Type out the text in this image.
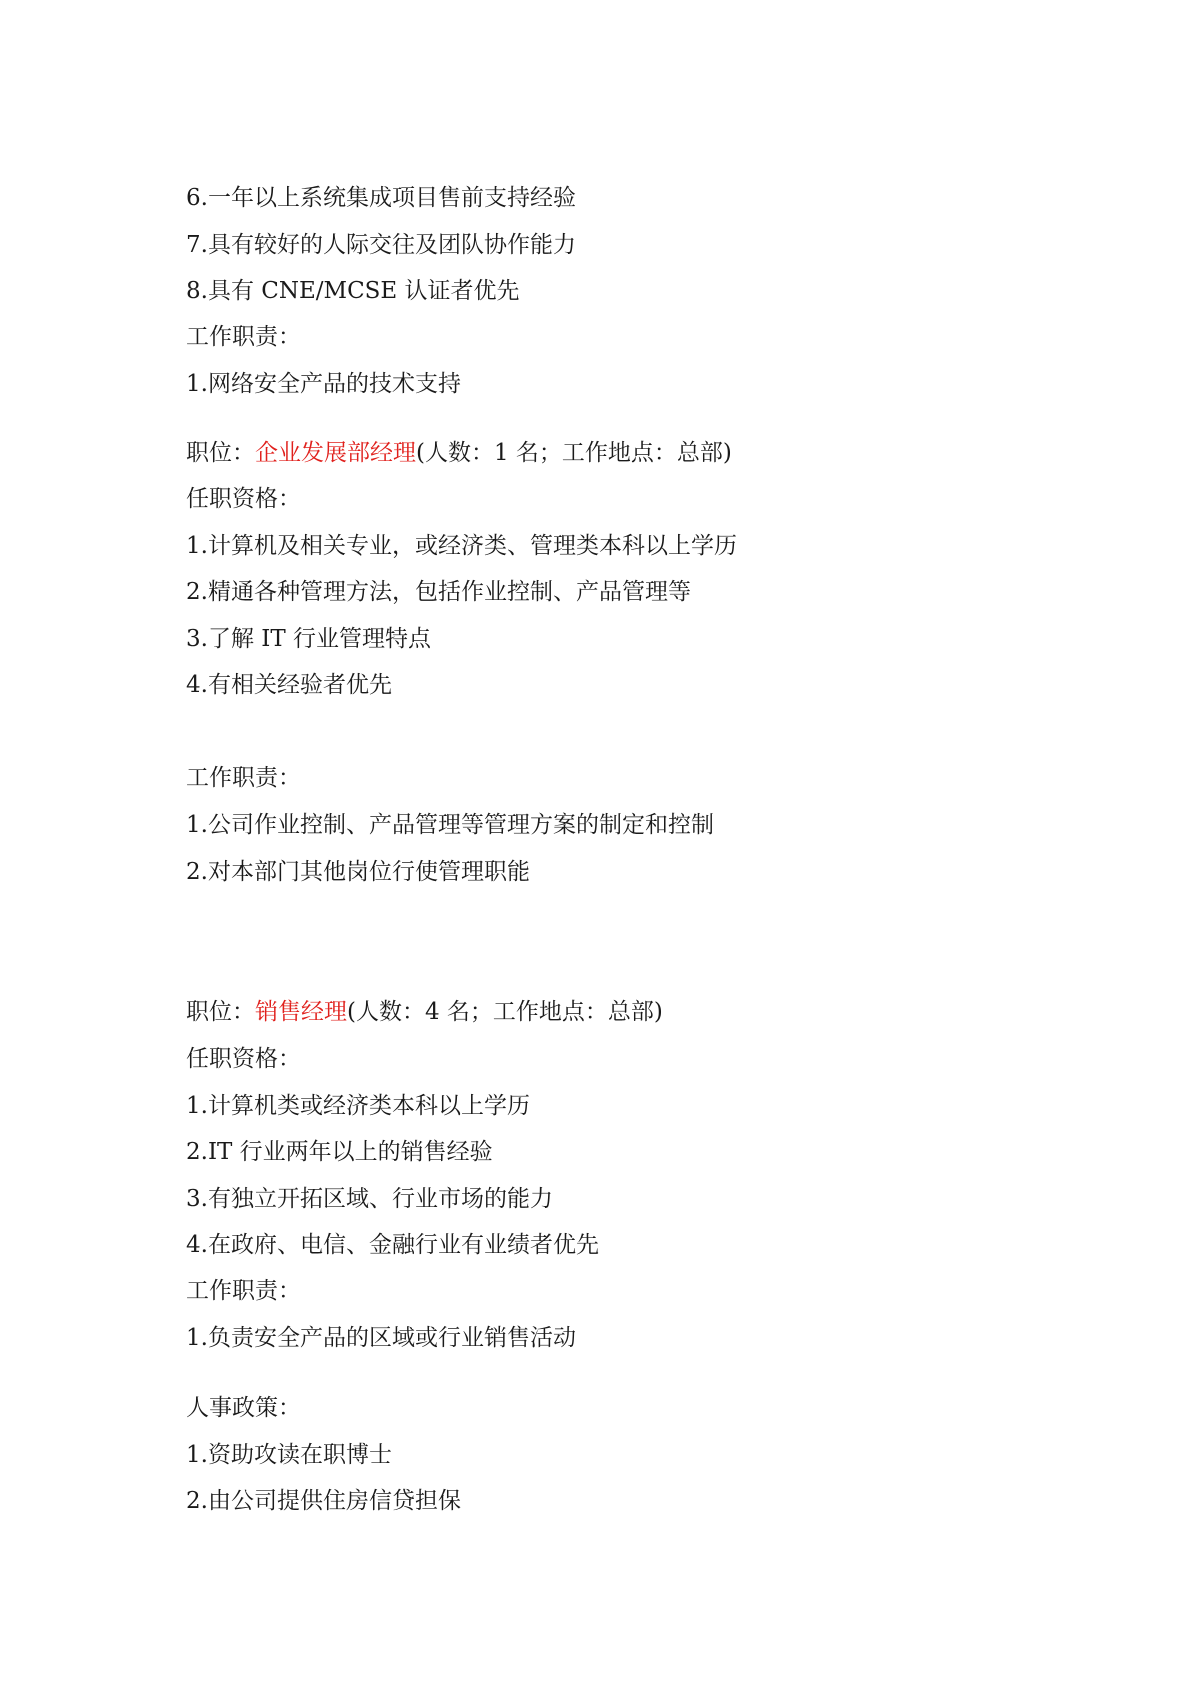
6.一年以上系统集成项目售前支持经验
7.具有较好的人际交往及团队协作能力
8.具有 CNE/MCSE 认证者优先
工作职责：
1.网络安全产品的技术支持
职位：企业发展部经理(人数：1 名；工作地点：总部)
任职资格：
1.计算机及相关专业，或经济类、管理类本科以上学历
2.精通各种管理方法，包括作业控制、产品管理等
3.了解 IT 行业管理特点
4.有相关经验者优先
工作职责：
1.公司作业控制、产品管理等管理方案的制定和控制
2.对本部门其他岗位行使管理职能
职位：销售经理(人数：4 名；工作地点：总部)
任职资格：
1.计算机类或经济类本科以上学历
2.IT 行业两年以上的销售经验
3.有独立开拓区域、行业市场的能力
4.在政府、电信、金融行业有业绩者优先
工作职责：
1.负责安全产品的区域或行业销售活动
人事政策：
1.资助攻读在职博士
2.由公司提供住房信贷担保
